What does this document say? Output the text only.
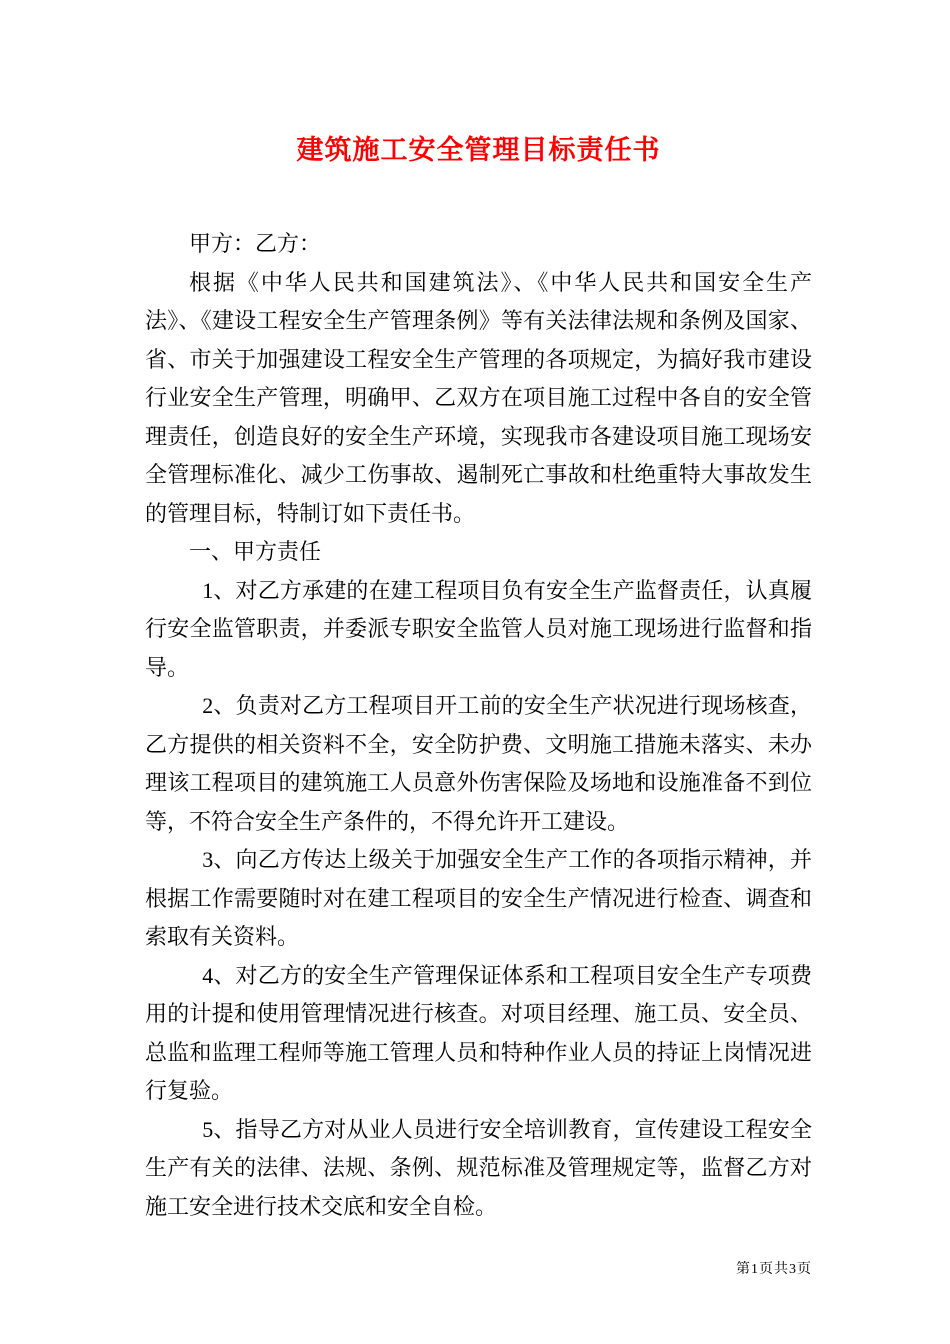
建筑施工安全管理目标责任书

甲方：乙方：

根据《中华人民共和国建筑法》、《中华人民共和国安全生产法》、《建设工程安全生产管理条例》等有关法律法规和条例及国家、省、市关于加强建设工程安全生产管理的各项规定，为搞好我市建设行业安全生产管理，明确甲、乙双方在项目施工过程中各自的安全管理责任，创造良好的安全生产环境，实现我市各建设项目施工现场安全管理标准化、减少工伤事故、遏制死亡事故和杜绝重特大事故发生的管理目标，特制订如下责任书。

一、甲方责任

1、对乙方承建的在建工程项目负有安全生产监督责任，认真履行安全监管职责，并委派专职安全监管人员对施工现场进行监督和指导。

2、负责对乙方工程项目开工前的安全生产状况进行现场核查，乙方提供的相关资料不全，安全防护费、文明施工措施未落实、未办理该工程项目的建筑施工人员意外伤害保险及场地和设施准备不到位等，不符合安全生产条件的，不得允许开工建设。

3、向乙方传达上级关于加强安全生产工作的各项指示精神，并根据工作需要随时对在建工程项目的安全生产情况进行检查、调查和索取有关资料。

4、对乙方的安全生产管理保证体系和工程项目安全生产专项费用的计提和使用管理情况进行核查。对项目经理、施工员、安全员、总监和监理工程师等施工管理人员和特种作业人员的持证上岗情况进行复验。

5、指导乙方对从业人员进行安全培训教育，宣传建设工程安全生产有关的法律、法规、条例、规范标准及管理规定等，监督乙方对施工安全进行技术交底和安全自检。

第1页共3页
